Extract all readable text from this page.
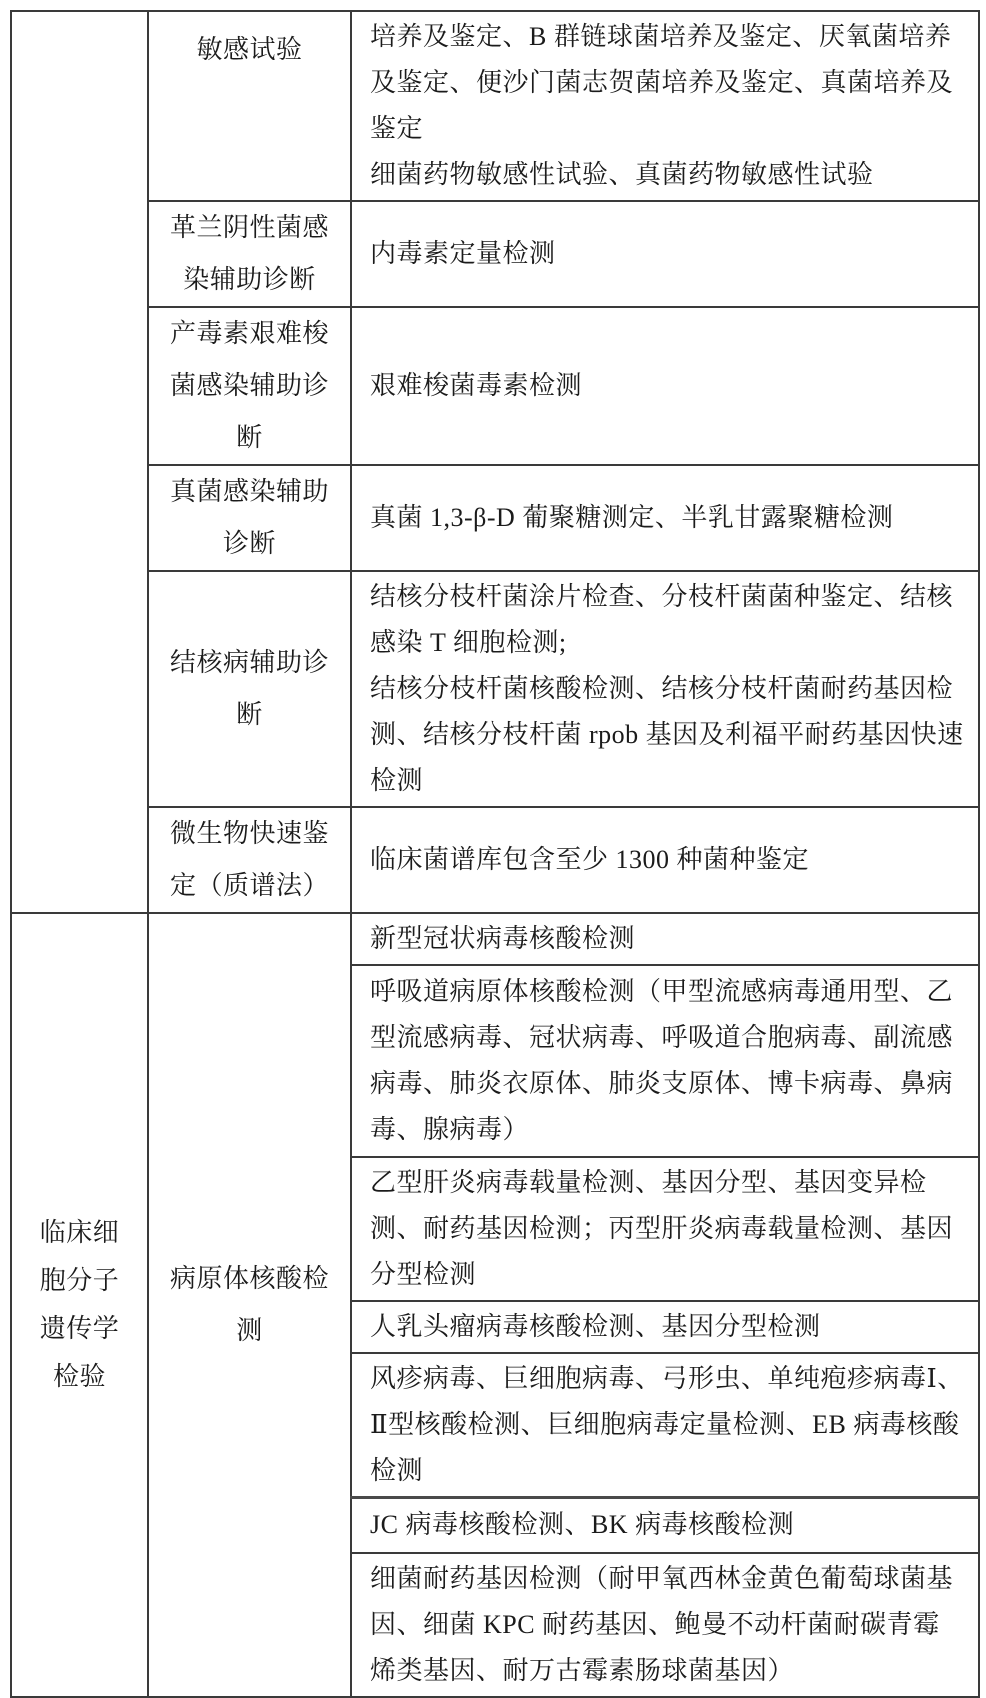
	敏感试验	培养及鉴定、B 群链球菌培养及鉴定、厌氧菌培养及鉴定、便沙门菌志贺菌培养及鉴定、真菌培养及鉴定
细菌药物敏感性试验、真菌药物敏感性试验

	革兰阴性菌感染辅助诊断	内毒素定量检测

	产毒素艰难梭菌感染辅助诊断	艰难梭菌毒素检测

	真菌感染辅助诊断	真菌 1,3-β-D 葡聚糖测定、半乳甘露聚糖检测

	结核病辅助诊断	结核分枝杆菌涂片检查、分枝杆菌菌种鉴定、结核感染 T 细胞检测;
结核分枝杆菌核酸检测、结核分枝杆菌耐药基因检测、结核分枝杆菌 rpob 基因及利福平耐药基因快速检测

	微生物快速鉴定（质谱法）	临床菌谱库包含至少 1300 种菌种鉴定

临床细胞分子遗传学检验	病原体核酸检测	新型冠状病毒核酸检测

		呼吸道病原体核酸检测（甲型流感病毒通用型、乙型流感病毒、冠状病毒、呼吸道合胞病毒、副流感病毒、肺炎衣原体、肺炎支原体、博卡病毒、鼻病毒、腺病毒）

		乙型肝炎病毒载量检测、基因分型、基因变异检测、耐药基因检测；丙型肝炎病毒载量检测、基因分型检测

		人乳头瘤病毒核酸检测、基因分型检测

		风疹病毒、巨细胞病毒、弓形虫、单纯疱疹病毒Ⅰ、Ⅱ型核酸检测、巨细胞病毒定量检测、EB 病毒核酸检测

		JC 病毒核酸检测、BK 病毒核酸检测

		细菌耐药基因检测（耐甲氧西林金黄色葡萄球菌基因、细菌 KPC 耐药基因、鲍曼不动杆菌耐碳青霉烯类基因、耐万古霉素肠球菌基因）
